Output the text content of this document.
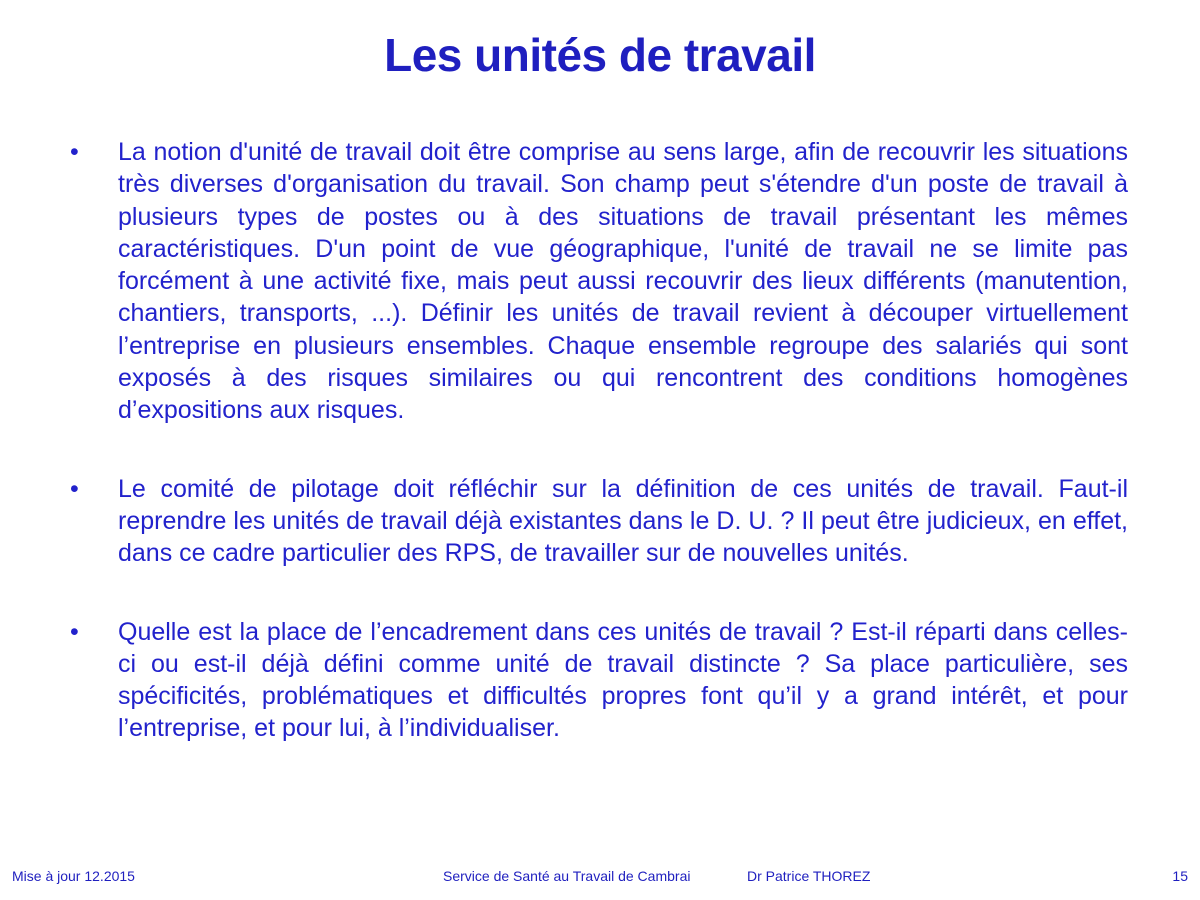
Les unités de travail
•	La notion d'unité de travail doit être comprise au sens large, afin de recouvrir les situations très diverses d'organisation du travail. Son champ peut s'étendre d'un poste de travail à plusieurs types de postes ou à des situations de travail présentant les mêmes caractéristiques. D'un point de vue géographique, l'unité de travail ne se limite pas forcément à une activité fixe, mais peut aussi recouvrir des lieux différents (manutention, chantiers, transports, ...). Définir les unités de travail revient à découper virtuellement l’entreprise en plusieurs ensembles. Chaque ensemble regroupe des salariés qui sont exposés à des risques similaires ou qui rencontrent des conditions homogènes d’expositions aux risques.
•	Le comité de pilotage doit réfléchir sur la définition de ces unités de travail. Faut-il reprendre les unités de travail déjà existantes dans le D. U. ? Il peut être judicieux, en effet, dans ce cadre particulier des RPS, de travailler sur de nouvelles unités.
•	Quelle est la place de l’encadrement dans ces unités de travail ? Est-il réparti dans celles-ci ou est-il déjà défini comme unité de travail distincte ? Sa place particulière, ses spécificités, problématiques et difficultés propres font qu’il y a grand intérêt, et pour l’entreprise, et pour lui, à l’individualiser.
Mise à jour 12.2015	Service de Santé au Travail de Cambrai	Dr Patrice THOREZ	15
